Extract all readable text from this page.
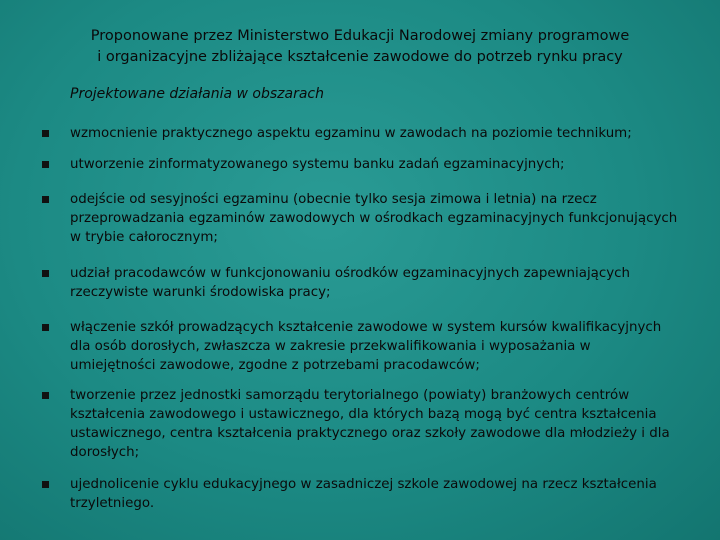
Proponowane przez Ministerstwo Edukacji Narodowej zmiany programowe
i organizacyjne zbliżające kształcenie zawodowe do potrzeb rynku pracy
Projektowane działania w obszarach
wzmocnienie praktycznego aspektu egzaminu w zawodach na poziomie technikum;
utworzenie zinformatyzowanego systemu banku zadań egzaminacyjnych;
odejście od sesyjności egzaminu (obecnie tylko sesja zimowa i letnia) na rzecz przeprowadzania egzaminów zawodowych w ośrodkach egzaminacyjnych funkcjonujących w trybie całorocznym;
udział pracodawców w funkcjonowaniu ośrodków egzaminacyjnych zapewniających rzeczywiste warunki środowiska pracy;
włączenie szkół prowadzących kształcenie zawodowe w system kursów kwalifikacyjnych dla osób dorosłych, zwłaszcza w zakresie przekwalifikowania i wyposażania w umiejętności zawodowe, zgodne z potrzebami pracodawców;
tworzenie przez jednostki samorządu terytorialnego (powiaty) branżowych centrów kształcenia zawodowego i ustawicznego, dla których bazą mogą być centra kształcenia ustawicznego, centra kształcenia praktycznego oraz szkoły zawodowe dla młodzieży i dla dorosłych;
ujednolicenie cyklu edukacyjnego w zasadniczej szkole zawodowej na rzecz kształcenia trzyletniego.
